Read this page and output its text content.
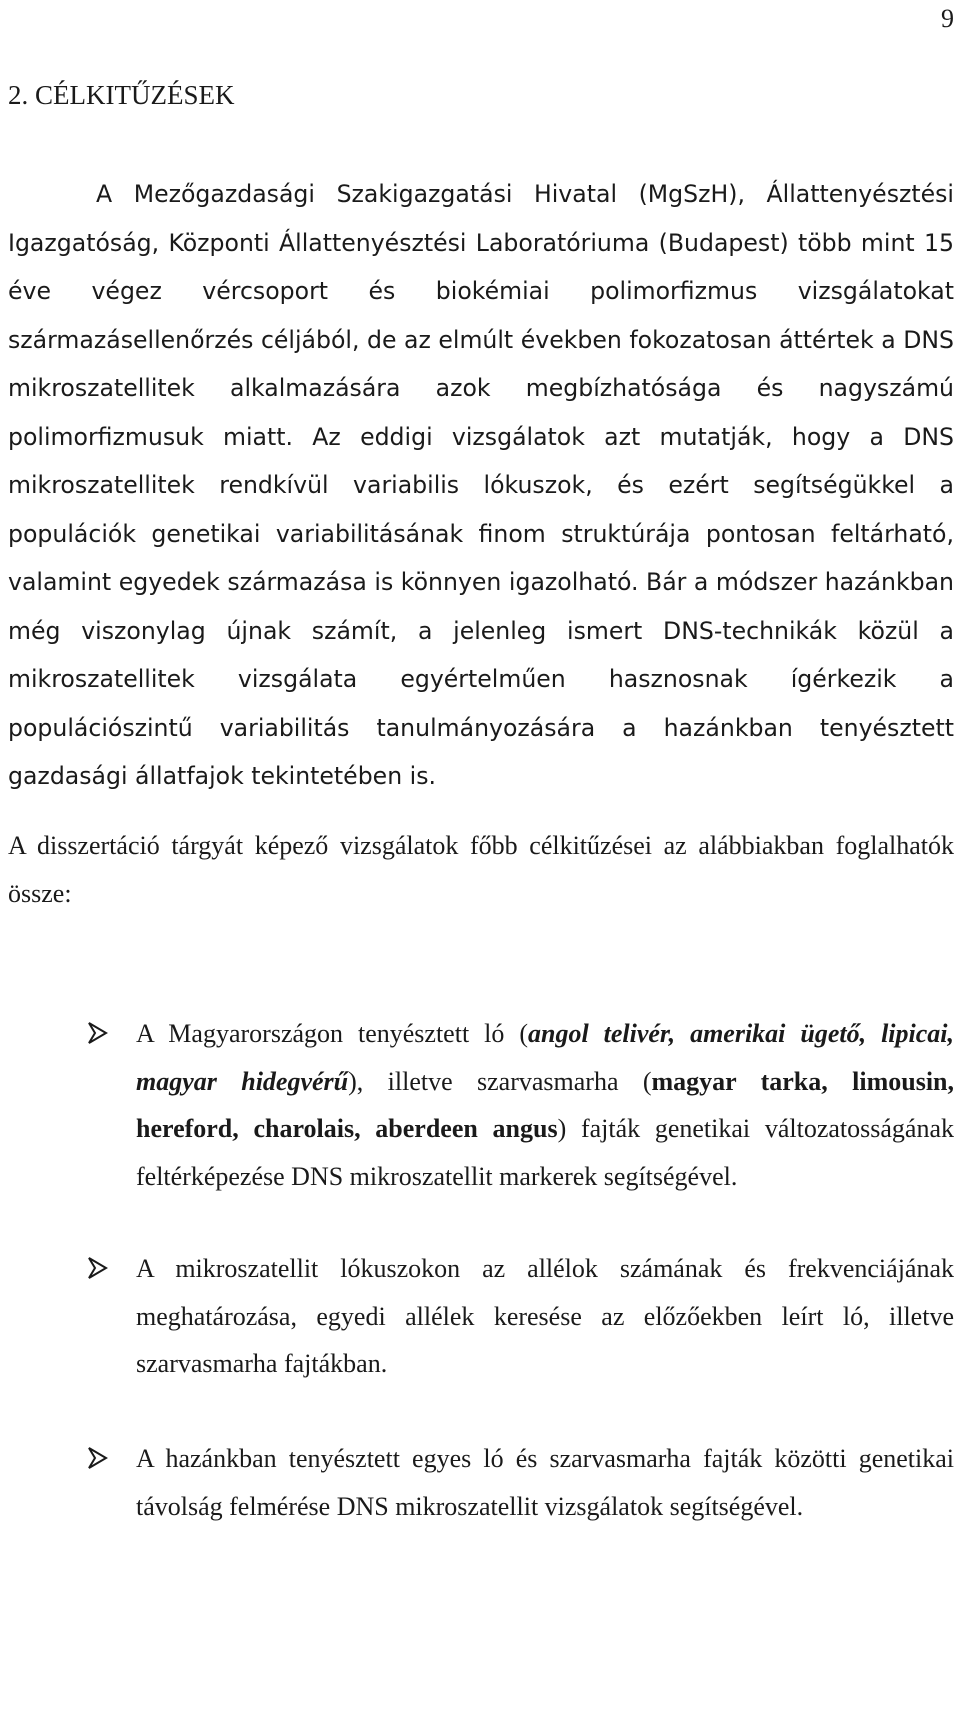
9
2. CÉLKITŰZÉSEK

A Mezőgazdasági Szakigazgatási Hivatal (MgSzH), Állattenyésztési Igazgatóság, Központi Állattenyésztési Laboratóriuma (Budapest) több mint 15 éve végez vércsoport és biokémiai polimorfizmus vizsgálatokat származásellenőrzés céljából, de az elmúlt években fokozatosan áttértek a DNS mikroszatellitek alkalmazására azok megbízhatósága és nagyszámú polimorfizmusuk miatt. Az eddigi vizsgálatok azt mutatják, hogy a DNS mikroszatellitek rendkívül variabilis lókuszok, és ezért segítségükkel a populációk genetikai variabilitásának finom struktúrája pontosan feltárható, valamint egyedek származása is könnyen igazolható. Bár a módszer hazánkban még viszonylag újnak számít, a jelenleg ismert DNS-technikák közül a mikroszatellitek vizsgálata egyértelműen hasznosnak ígérkezik a populációszintű variabilitás tanulmányozására a hazánkban tenyésztett gazdasági állatfajok tekintetében is.

A disszertáció tárgyát képező vizsgálatok főbb célkitűzései az alábbiakban foglalhatók össze:

A Magyarországon tenyésztett ló (angol telivér, amerikai ügető, lipicai, magyar hidegvérű), illetve szarvasmarha (magyar tarka, limousin, hereford, charolais, aberdeen angus) fajták genetikai változatosságának feltérképezése DNS mikroszatellit markerek segítségével.
A mikroszatellit lókuszokon az allélok számának és frekvenciájának meghatározása, egyedi allélek keresése az előzőekben leírt ló, illetve szarvasmarha fajtákban.
A hazánkban tenyésztett egyes ló és szarvasmarha fajták közötti genetikai távolság felmérése DNS mikroszatellit vizsgálatok segítségével.
